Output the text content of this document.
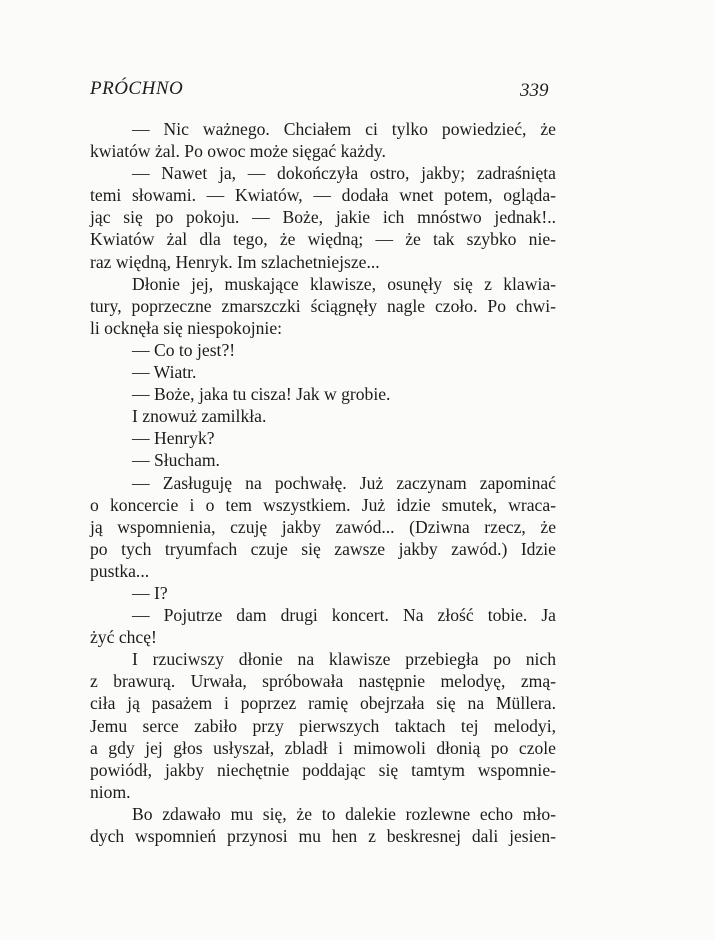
PRÓCHNO	339
— Nic ważnego. Chciałem ci tylko powiedzieć, że
kwiatów żal. Po owoc może sięgać każdy.
— Nawet ja, — dokończyła ostro, jakby; zadraśnięta
temi słowami. — Kwiatów, — dodała wnet potem, ogląda-
jąc się po pokoju. — Boże, jakie ich mnóstwo jednak!..
Kwiatów żal dla tego, że więdną; — że tak szybko nie-
raz więdną, Henryk. Im szlachetniejsze...
Dłonie jej, muskające klawisze, osunęły się z klawia-
tury, poprzeczne zmarszczki ściągnęły nagle czoło. Po chwi-
li ocknęła się niespokojnie:
— Co to jest?!
— Wiatr.
— Boże, jaka tu cisza! Jak w grobie.
I znowuż zamilkła.
— Henryk?
— Słucham.
— Zasługuję na pochwałę. Już zaczynam zapominać
o koncercie i o tem wszystkiem. Już idzie smutek, wraca-
ją wspomnienia, czuję jakby zawód... (Dziwna rzecz, że
po tych tryumfach czuje się zawsze jakby zawód.) Idzie
pustka...
— I?
— Pojutrze dam drugi koncert. Na złość tobie. Ja
żyć chcę!
I rzuciwszy dłonie na klawisze przebiegła po nich
z brawurą. Urwała, spróbowała następnie melodyę, zmą-
ciła ją pasażem i poprzez ramię obejrzała się na Müllera.
Jemu serce zabiło przy pierwszych taktach tej melodyi,
a gdy jej głos usłyszał, zbladł i mimowoli dłonią po czole
powiódł, jakby niechętnie poddając się tamtym wspomnie-
niom.
Bo zdawało mu się, że to dalekie rozlewne echo mło-
dych wspomnień przynosi mu hen z beskresnej dali jesien-
